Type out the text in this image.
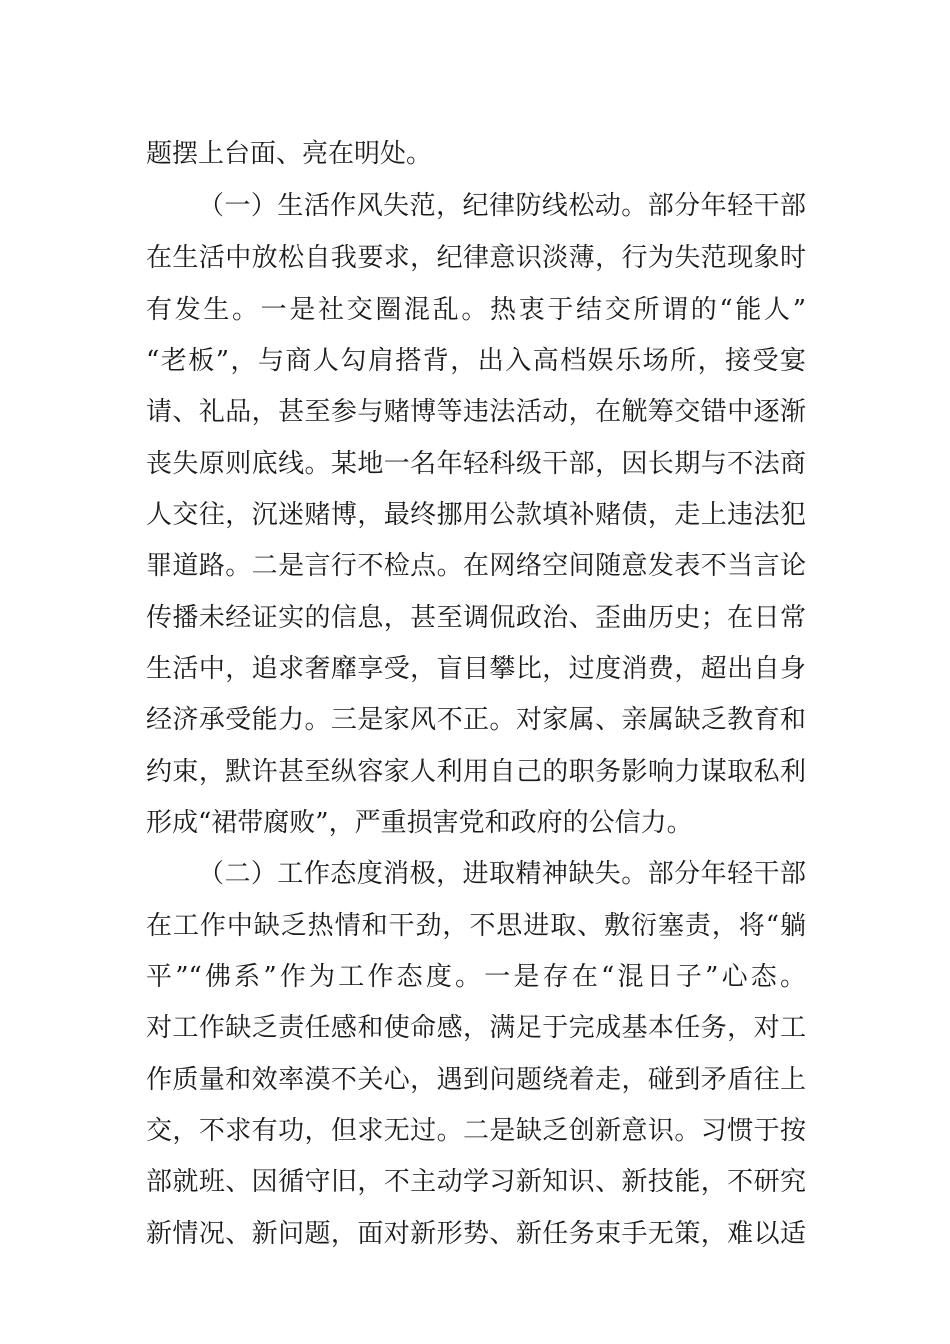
题摆上台面、亮在明处。
（一）生活作风失范，纪律防线松动。部分年轻干部
在生活中放松自我要求，纪律意识淡薄，行为失范现象时
有发生。一是社交圈混乱。热衷于结交所谓的“能人”
“老板”，与商人勾肩搭背，出入高档娱乐场所，接受宴
请、礼品，甚至参与赌博等违法活动，在觥筹交错中逐渐
丧失原则底线。某地一名年轻科级干部，因长期与不法商
人交往，沉迷赌博，最终挪用公款填补赌债，走上违法犯
罪道路。二是言行不检点。在网络空间随意发表不当言论
传播未经证实的信息，甚至调侃政治、歪曲历史；在日常
生活中，追求奢靡享受，盲目攀比，过度消费，超出自身
经济承受能力。三是家风不正。对家属、亲属缺乏教育和
约束，默许甚至纵容家人利用自己的职务影响力谋取私利
形成“裙带腐败”，严重损害党和政府的公信力。
（二）工作态度消极，进取精神缺失。部分年轻干部
在工作中缺乏热情和干劲，不思进取、敷衍塞责，将“躺
平”“佛系”作为工作态度。一是存在“混日子”心态。
对工作缺乏责任感和使命感，满足于完成基本任务，对工
作质量和效率漠不关心，遇到问题绕着走，碰到矛盾往上
交，不求有功，但求无过。二是缺乏创新意识。习惯于按
部就班、因循守旧，不主动学习新知识、新技能，不研究
新情况、新问题，面对新形势、新任务束手无策，难以适
